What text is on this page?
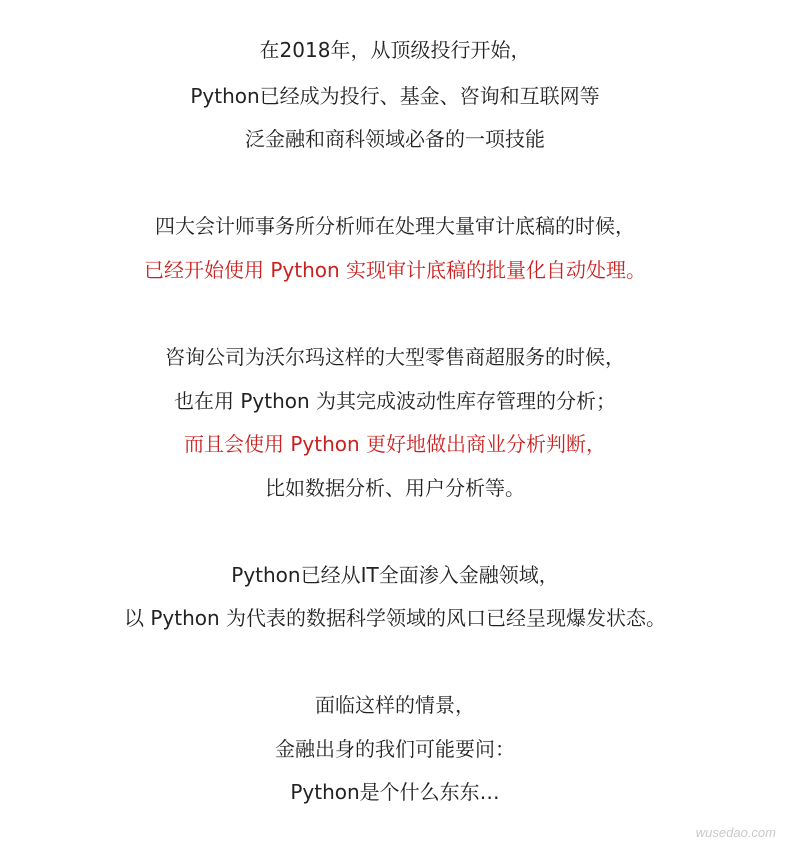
在2018年，从顶级投行开始，
Python已经成为投行、基金、咨询和互联网等
泛金融和商科领域必备的一项技能
四大会计师事务所分析师在处理大量审计底稿的时候，
已经开始使用 Python 实现审计底稿的批量化自动处理。
咨询公司为沃尔玛这样的大型零售商超服务的时候，
也在用 Python 为其完成波动性库存管理的分析；
而且会使用 Python 更好地做出商业分析判断，
比如数据分析、用户分析等。
Python已经从IT全面渗入金融领域，
以 Python 为代表的数据科学领域的风口已经呈现爆发状态。
面临这样的情景，
金融出身的我们可能要问：
Python是个什么东东…
wusedao.com
